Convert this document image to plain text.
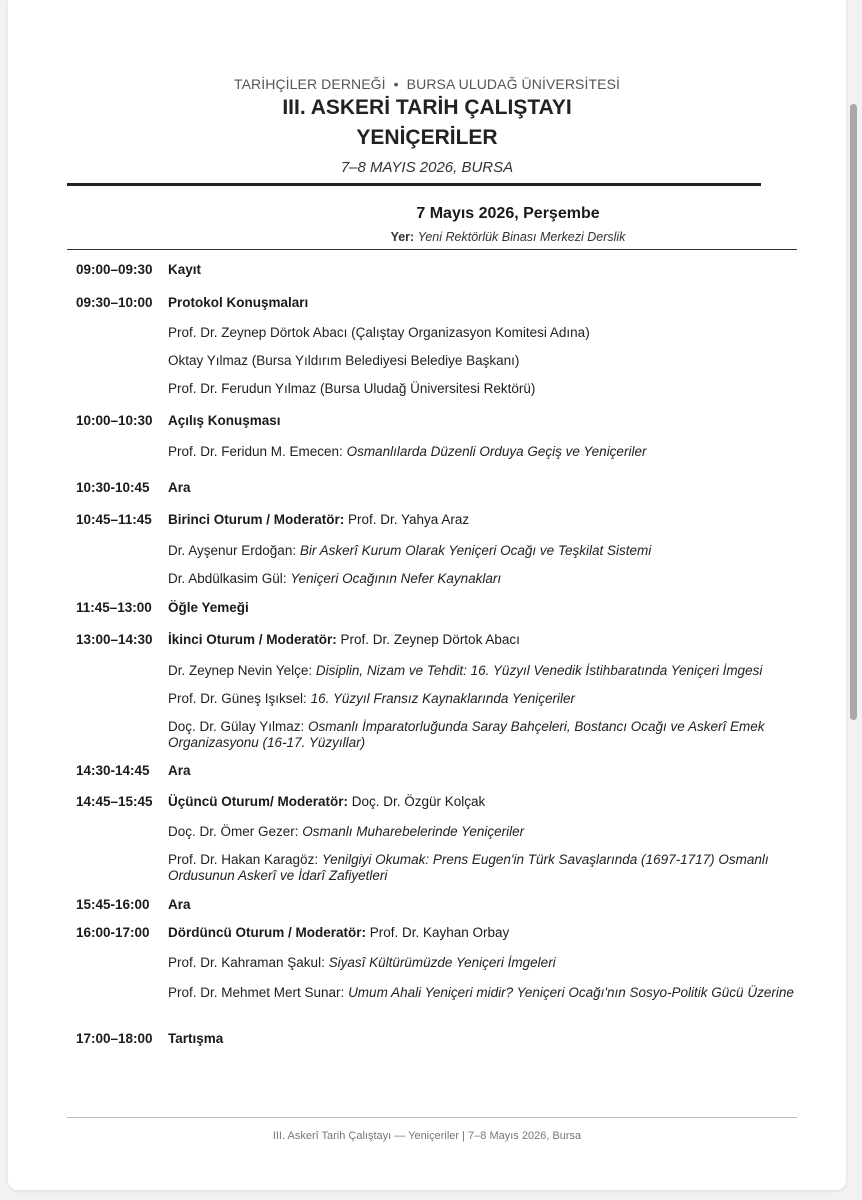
TARİHÇİLER DERNEĞİ • BURSA ULUDAĞ ÜNİVERSİTESİ
III. ASKERİ TARİH ÇALIŞTAYI
YENİÇERİLER
7–8 MAYIS 2026, BURSA
7 Mayıs 2026, Perşembe
Yer: Yeni Rektörlük Binası Merkezi Derslik
09:00–09:30 Kayıt
09:30–10:00 Protokol Konuşmaları
Prof. Dr. Zeynep Dörtok Abacı (Çalıştay Organizasyon Komitesi Adına)
Oktay Yılmaz (Bursa Yıldırım Belediyesi Belediye Başkanı)
Prof. Dr. Ferudun Yılmaz (Bursa Uludağ Üniversitesi Rektörü)
10:00–10:30 Açılış Konuşması
Prof. Dr. Feridun M. Emecen: Osmanlılarda Düzenli Orduya Geçiş ve Yeniçeriler
10:30-10:45 Ara
10:45–11:45 Birinci Oturum / Moderatör: Prof. Dr. Yahya Araz
Dr. Ayşenur Erdoğan: Bir Askerî Kurum Olarak Yeniçeri Ocağı ve Teşkilat Sistemi
Dr. Abdülkasim Gül: Yeniçeri Ocağının Nefer Kaynakları
11:45–13:00 Öğle Yemeği
13:00–14:30 İkinci Oturum / Moderatör: Prof. Dr. Zeynep Dörtok Abacı
Dr. Zeynep Nevin Yelçe: Disiplin, Nizam ve Tehdit: 16. Yüzyıl Venedik İstihbaratında Yeniçeri İmgesi
Prof. Dr. Güneş Işıksel: 16. Yüzyıl Fransız Kaynaklarında Yeniçeriler
Doç. Dr. Gülay Yılmaz: Osmanlı İmparatorluğunda Saray Bahçeleri, Bostancı Ocağı ve Askerî Emek Organizasyonu (16-17. Yüzyıllar)
14:30-14:45 Ara
14:45–15:45 Üçüncü Oturum/ Moderatör: Doç. Dr. Özgür Kolçak
Doç. Dr. Ömer Gezer: Osmanlı Muharebelerinde Yeniçeriler
Prof. Dr. Hakan Karagöz: Yenilgiyi Okumak: Prens Eugen'in Türk Savaşlarında (1697-1717) Osmanlı Ordusunun Askerî ve İdarî Zafiyetleri
15:45-16:00 Ara
16:00-17:00 Dördüncü Oturum / Moderatör: Prof. Dr. Kayhan Orbay
Prof. Dr. Kahraman Şakul: Siyasî Kültürümüzde Yeniçeri İmgeleri
Prof. Dr. Mehmet Mert Sunar: Umum Ahali Yeniçeri midir? Yeniçeri Ocağı'nın Sosyo-Politik Gücü Üzerine
17:00–18:00 Tartışma
III. Askerî Tarih Çalıştayı — Yeniçeriler | 7–8 Mayıs 2026, Bursa
